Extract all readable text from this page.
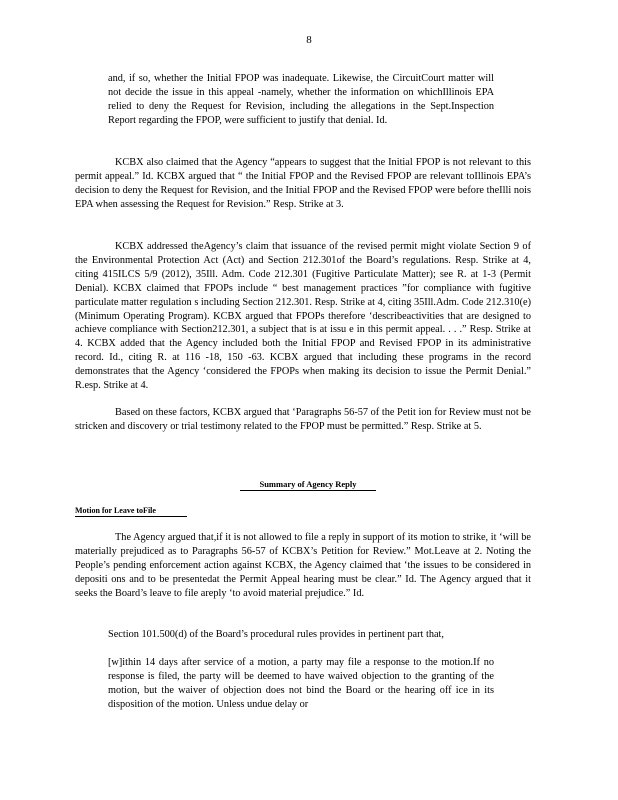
8

and, if so, whether the Initial FPOP was inadequate. Likewise, the CircuitCourt matter will not decide the issue in this appeal -namely, whether the information on whichIllinois EPA relied to deny the Request for Revision, including the allegations in the Sept.Inspection Report regarding the FPOP, were sufficient to justify that denial. Id.

KCBX also claimed that the Agency “appears to suggest that the Initial FPOP is not relevant to this permit appeal.” Id. KCBX argued that “ the Initial FPOP and the Revised FPOP are relevant toIllinois EPA’s decision to deny the Request for Revision, and the Initial FPOP and the Revised FPOP were before theIlli nois EPA when assessing the Request for Revision.” Resp. Strike at 3.

KCBX addressed theAgency’s claim that issuance of the revised permit might violate Section 9 of the Environmental Protection Act (Act) and Section 212.301of the Board’s regulations. Resp. Strike at 4, citing 415ILCS 5/9 (2012), 35Ill. Adm. Code 212.301 (Fugitive Particulate Matter); see R. at 1-3 (Permit Denial). KCBX claimed that FPOPs include “ best management practices ”for compliance with fugitive particulate matter regulation s including Section 212.301. Resp. Strike at 4, citing 35Ill.Adm. Code 212.310(e) (Minimum Operating Program). KCBX argued that FPOPs therefore ‘describeactivities that are designed to achieve compliance with Section212.301, a subject that is at issu e in this permit appeal. . . .” Resp. Strike at 4. KCBX added that the Agency included both the Initial FPOP and Revised FPOP in its administrative record. Id., citing R. at 116 -18, 150 -63. KCBX argued that including these programs in the record demonstrates that the Agency ‘considered the FPOPs when making its decision to issue the Permit Denial.” R.esp. Strike at 4.

Based on these factors, KCBX argued that ‘Paragraphs 56-57 of the Petit ion for Review must not be stricken and discovery or trial testimony related to the FPOP must be permitted.” Resp. Strike at 5.

Summary of Agency Reply
Motion for Leave toFile

The Agency argued that,if it is not allowed to file a reply in support of its motion to strike, it ‘will be materially prejudiced as to Paragraphs 56-57 of KCBX’s Petition for Review.” Mot.Leave at 2. Noting the People’s pending enforcement action against KCBX, the Agency claimed that ‘the issues to be considered in depositi ons and to be presentedat the Permit Appeal hearing must be clear.” Id. The Agency argued that it seeks the Board’s leave to file areply ‘to avoid material prejudice.” Id.

Section 101.500(d) of the Board’s procedural rules provides in pertinent part that,

[w]ithin 14 days after service of a motion, a party may file a response to the motion.If no response is filed, the party will be deemed to have waived objection to the granting of the motion, but the waiver of objection does not bind the Board or the hearing off ice in its disposition of the motion. Unless undue delay or
